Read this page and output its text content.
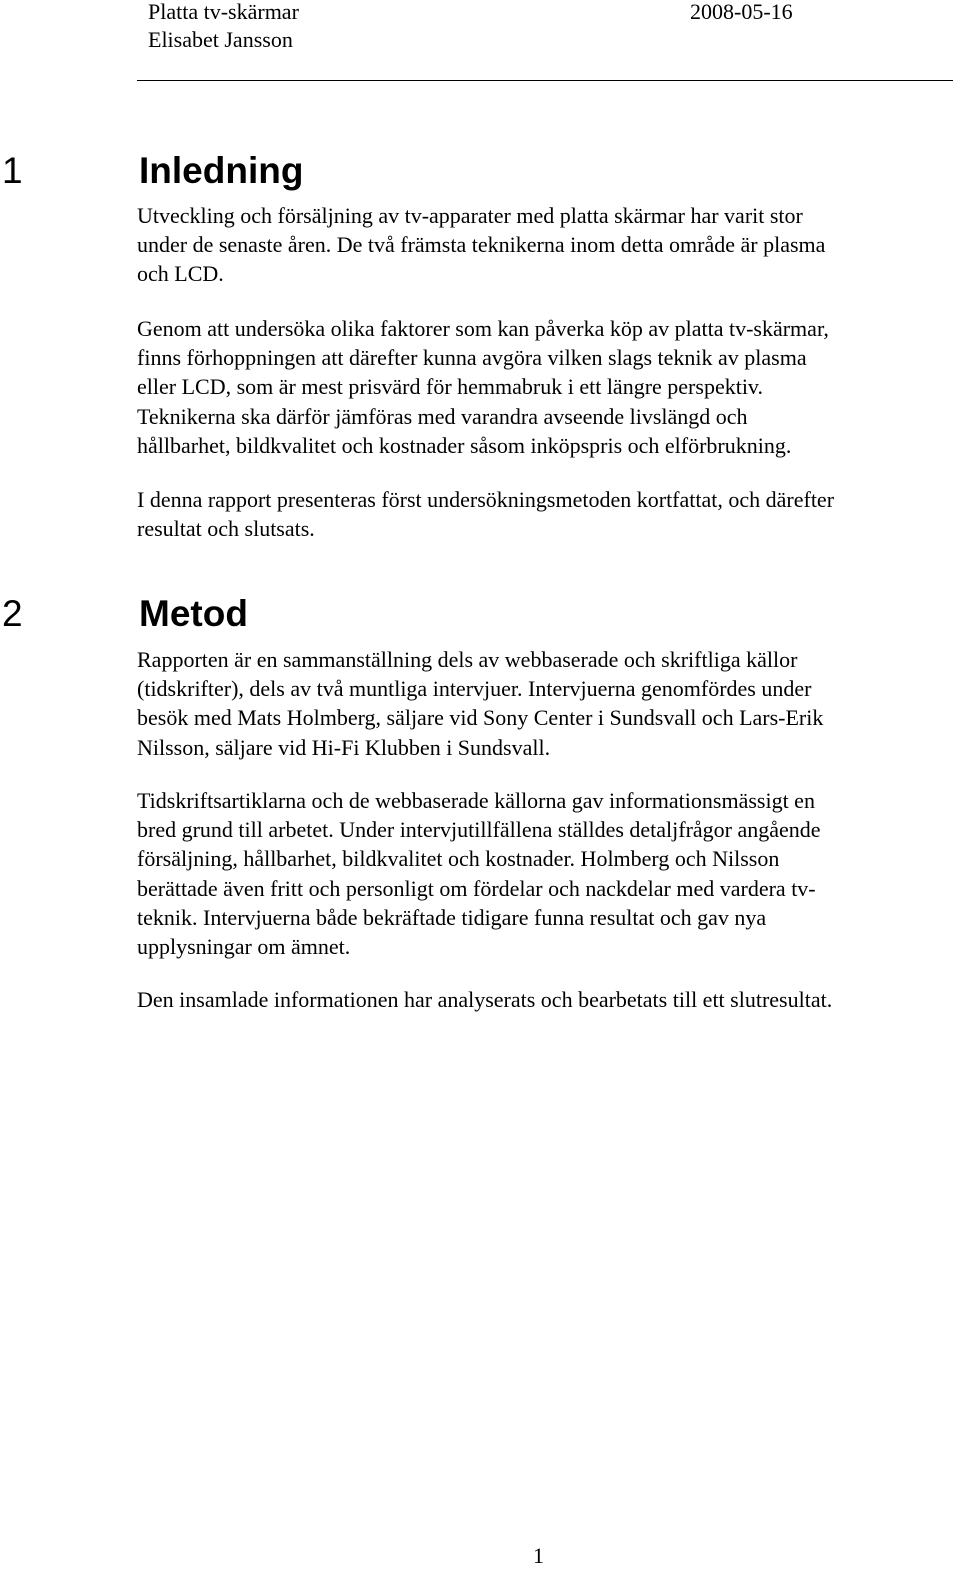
Platta tv-skärmar	2008-05-16
Elisabet Jansson
1	Inledning
Utveckling och försäljning av tv-apparater med platta skärmar har varit stor
under de senaste åren. De två främsta teknikerna inom detta område är plasma
och LCD.
Genom att undersöka olika faktorer som kan påverka köp av platta tv-skärmar,
finns förhoppningen att därefter kunna avgöra vilken slags teknik av plasma
eller LCD, som är mest prisvärd för hemmabruk i ett längre perspektiv.
Teknikerna ska därför jämföras med varandra avseende livslängd och
hållbarhet, bildkvalitet och kostnader såsom inköpspris och elförbrukning.
I denna rapport presenteras först undersökningsmetoden kortfattat, och därefter
resultat och slutsats.
2	Metod
Rapporten är en sammanställning dels av webbaserade och skriftliga källor
(tidskrifter), dels av två muntliga intervjuer. Intervjuerna genomfördes under
besök med Mats Holmberg, säljare vid Sony Center i Sundsvall och Lars-Erik
Nilsson, säljare vid Hi-Fi Klubben i Sundsvall.
Tidskriftsartiklarna och de webbaserade källorna gav informationsmässigt en
bred grund till arbetet. Under intervjutillfällena ställdes detaljfrågor angående
försäljning, hållbarhet, bildkvalitet och kostnader. Holmberg och Nilsson
berättade även fritt och personligt om fördelar och nackdelar med vardera tv-
teknik. Intervjuerna både bekräftade tidigare funna resultat och gav nya
upplysningar om ämnet.
Den insamlade informationen har analyserats och bearbetats till ett slutresultat.
1
